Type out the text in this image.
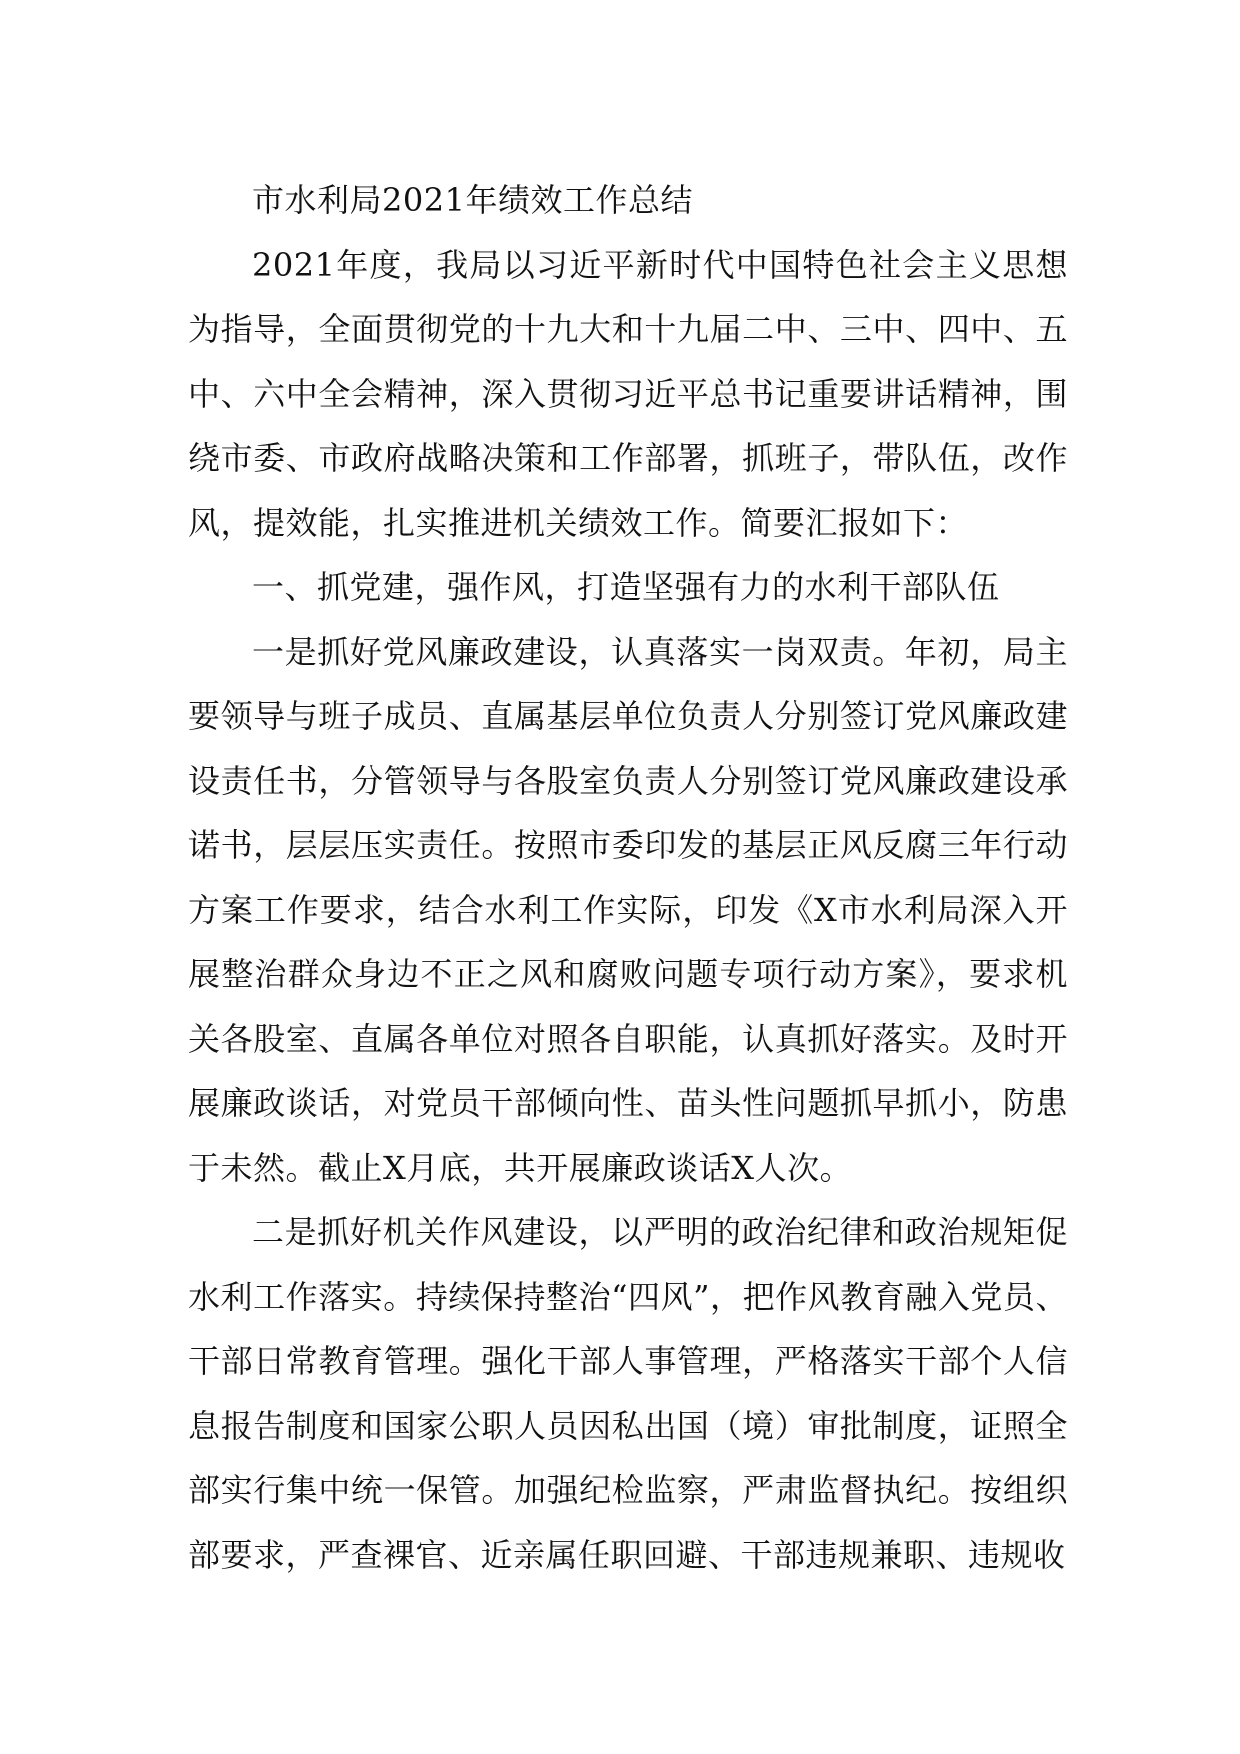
市水利局2021年绩效工作总结

2021年度，我局以习近平新时代中国特色社会主义思想为指导，全面贯彻党的十九大和十九届二中、三中、四中、五中、六中全会精神，深入贯彻习近平总书记重要讲话精神，围绕市委、市政府战略决策和工作部署，抓班子，带队伍，改作风，提效能，扎实推进机关绩效工作。简要汇报如下：

一、抓党建，强作风，打造坚强有力的水利干部队伍

一是抓好党风廉政建设，认真落实一岗双责。年初，局主要领导与班子成员、直属基层单位负责人分别签订党风廉政建设责任书，分管领导与各股室负责人分别签订党风廉政建设承诺书，层层压实责任。按照市委印发的基层正风反腐三年行动方案工作要求，结合水利工作实际，印发《X市水利局深入开展整治群众身边不正之风和腐败问题专项行动方案》，要求机关各股室、直属各单位对照各自职能，认真抓好落实。及时开展廉政谈话，对党员干部倾向性、苗头性问题抓早抓小，防患于未然。截止X月底，共开展廉政谈话X人次。

二是抓好机关作风建设，以严明的政治纪律和政治规矩促水利工作落实。持续保持整治“四风”，把作风教育融入党员、干部日常教育管理。强化干部人事管理，严格落实干部个人信息报告制度和国家公职人员因私出国（境）审批制度，证照全部实行集中统一保管。加强纪检监察，严肃监督执纪。按组织部要求，严查裸官、近亲属任职回避、干部违规兼职、违规收
